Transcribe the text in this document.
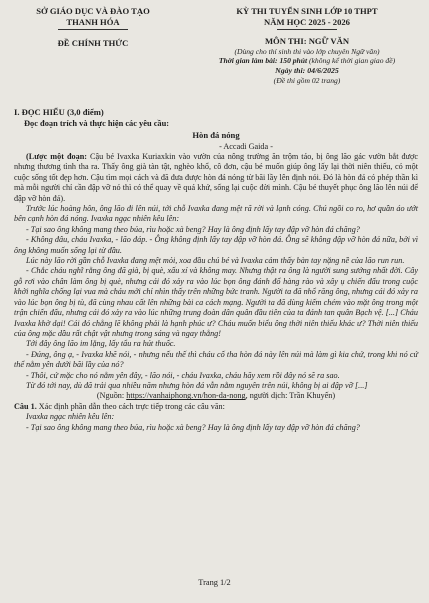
SỞ GIÁO DỤC VÀ ĐÀO TẠO
THANH HÓA
ĐỀ CHÍNH THỨC
KỲ THI TUYỂN SINH LỚP 10 THPT
NĂM HỌC 2025 - 2026
MÔN THI: NGỮ VĂN
(Dùng cho thí sinh thi vào lớp chuyên Ngữ văn)
Thời gian làm bài: 150 phút (không kể thời gian giao đề)
Ngày thi: 04/6/2025
(Đề thi gồm 02 trang)
I. ĐỌC HIỂU (3,0 điểm)
Đọc đoạn trích và thực hiện các yêu cầu:
Hòn đá nóng
- Accadi Gaida -

(Lược một đoạn: Cậu bé Ivaxka Kuriaxkin vào vườn của nông trường ăn trộm táo, bị ông lão gác vườn bắt được nhưng thương tình tha ra. Thấy ông già tàn tật, nghèo khổ, cô đơn, cậu bé muốn giúp ông lấy lại thời niên thiếu, có một cuộc sống tốt đẹp hơn. Cậu tìm mọi cách và đã đưa được hòn đá nóng từ bãi lầy lên định nói. Đó là hòn đá có phép thần kì mà mỗi người chỉ cần đập vỡ nó thì có thể quay về quá khứ, sống lại cuộc đời mình. Cậu bé thuyết phục ông lão lên núi để đập vỡ hòn đá).

Trước lúc hoàng hôn, ông lão đi lên núi, tới chỗ Ivaxka đang mệt rã rời và lạnh cóng. Chú ngồi co ro, hơ quần áo ướt bên cạnh hòn đá nóng. Ivaxka ngạc nhiên kêu lên:

- Tại sao ông không mang theo búa, rìu hoặc xà beng? Hay là ông định lấy tay đập vỡ hòn đá chăng?

- Không đâu, cháu Ivaxka, - lão đáp. - Ông không định lấy tay đập vỡ hòn đá. Ông sẽ không đập vỡ hòn đá nữa, bởi vì ông không muốn sống lại từ đầu.

Lúc này lão rời gần chỗ Ivaxka đang mệt mỏi, xoa đầu chú bé và Ivaxka cảm thấy bàn tay nặng nề của lão run run.

- Chắc cháu nghĩ rằng ông đã già, bị què, xấu xí và không may. Nhưng thật ra ông là người sung sướng nhất đời. Cây gỗ rơi vào chân làm ông bị què, nhưng cái đó xảy ra vào lúc bọn ông đánh đổ hàng rào và xây ụ chiến đấu trong cuộc khởi nghĩa chống lại vua mà cháu mới chỉ nhìn thấy trên những bức tranh. Người ta đã nhổ răng ông, nhưng cái đó xảy ra vào lúc bọn ông bị tù, đã cùng nhau cất lên những bài ca cách mạng. Người ta đã dùng kiếm chém vào mặt ông trong một trận chiến đấu, nhưng cái đó xảy ra vào lúc những trung đoàn dân quân đầu tiên của ta đánh tan quân Bạch vệ. [...] Cháu Ivaxka khờ dại! Cái đó chẳng lẽ không phải là hạnh phúc ư? Cháu muốn biểu ông thời niên thiếu khác ư? Thời niên thiếu của ông mặc dầu rất chật vật nhưng trong sáng và ngay thẳng!

Tới đây ông lão im lặng, lấy tẩu ra hút thuốc.

- Đúng, ông ạ, - Ivaxka khẽ nói, - nhưng nếu thế thì cháu cố tha hòn đá này lên núi mà làm gì kia chứ, trong khi nó cứ thể nằm yên dưới bãi lầy của nó?

- Thôi, cứ mặc cho nó nằm yên đây, - lão nói, - cháu Ivaxka, cháu hãy xem rồi đây nó sẽ ra sao.

Từ đó tới nay, dù đã trải qua nhiều năm nhưng hòn đá vẫn nằm nguyên trên núi, không bị ai đập vỡ [...]

(Nguồn: https://vanhaiphong.vn/hon-da-nong, người dịch: Trần Khuyến)

Câu 1. Xác định phần dẫn theo cách trực tiếp trong các câu văn:

Ivaxka ngạc nhiên kêu lên:

- Tại sao ông không mang theo búa, rìu hoặc xà beng? Hay là ông định lấy tay đập vỡ hòn đá chăng?

Trang 1/2
